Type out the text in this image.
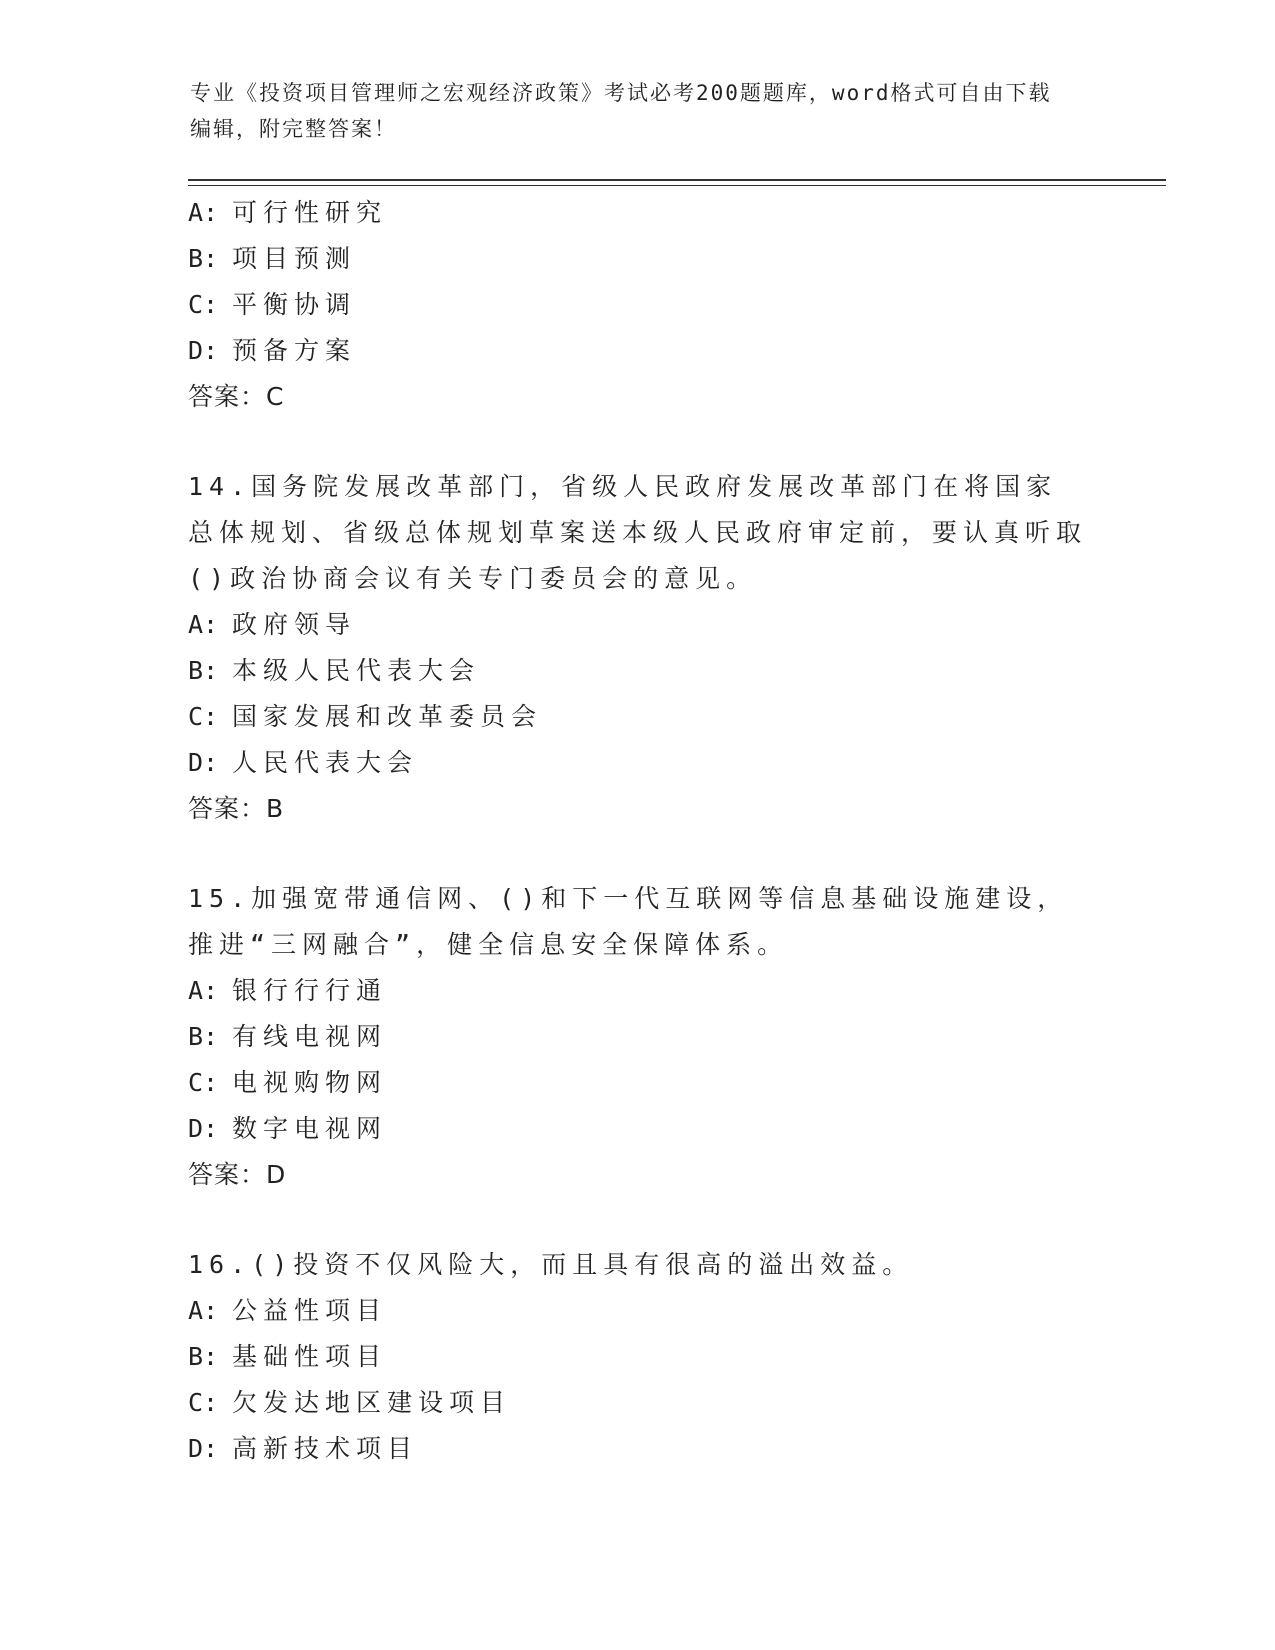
专业《投资项目管理师之宏观经济政策》考试必考200题题库，word格式可自由下载编辑，附完整答案！
A: 可行性研究
B: 项目预测
C: 平衡协调
D: 预备方案
答案：C
14.国务院发展改革部门，省级人民政府发展改革部门在将国家总体规划、省级总体规划草案送本级人民政府审定前，要认真听取()政治协商会议有关专门委员会的意见。
A: 政府领导
B: 本级人民代表大会
C: 国家发展和改革委员会
D: 人民代表大会
答案：B
15.加强宽带通信网、()和下一代互联网等信息基础设施建设，推进“三网融合”，健全信息安全保障体系。
A: 银行行行通
B: 有线电视网
C: 电视购物网
D: 数字电视网
答案：D
16.()投资不仅风险大，而且具有很高的溢出效益。
A: 公益性项目
B: 基础性项目
C: 欠发达地区建设项目
D: 高新技术项目
